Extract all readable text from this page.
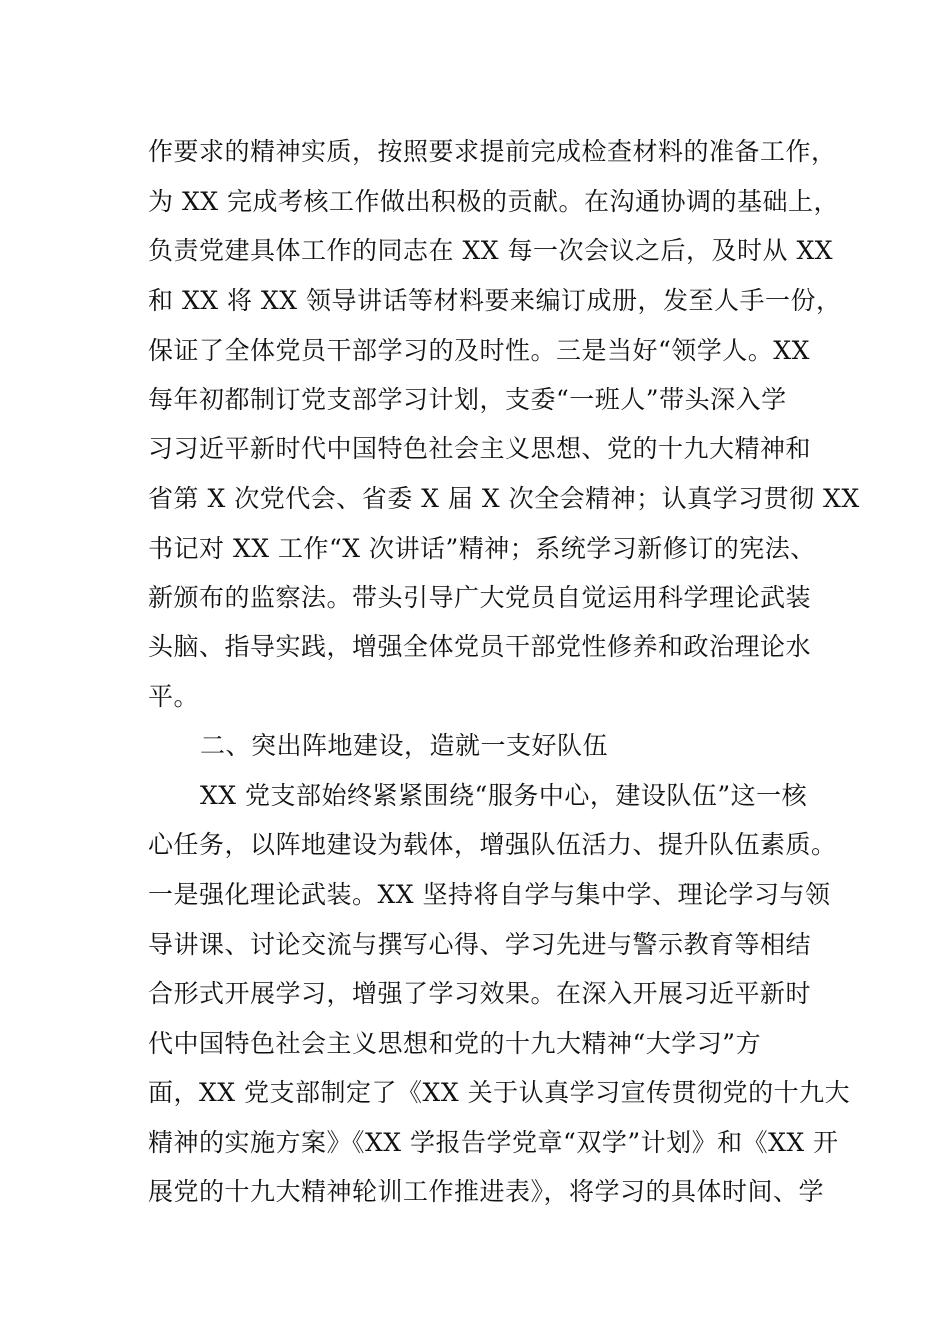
作要求的精神实质，按照要求提前完成检查材料的准备工作，
为 XX 完成考核工作做出积极的贡献。在沟通协调的基础上，
负责党建具体工作的同志在 XX 每一次会议之后，及时从 XX
和 XX 将 XX 领导讲话等材料要来编订成册，发至人手一份，
保证了全体党员干部学习的及时性。三是当好“领学人。XX
每年初都制订党支部学习计划，支委“一班人”带头深入学
习习近平新时代中国特色社会主义思想、党的十九大精神和
省第 X 次党代会、省委 X 届 X 次全会精神；认真学习贯彻 XX
书记对 XX 工作“X 次讲话”精神；系统学习新修订的宪法、
新颁布的监察法。带头引导广大党员自觉运用科学理论武装
头脑、指导实践，增强全体党员干部党性修养和政治理论水
平。
二、突出阵地建设，造就一支好队伍
XX 党支部始终紧紧围绕“服务中心，建设队伍”这一核
心任务，以阵地建设为载体，增强队伍活力、提升队伍素质。
一是强化理论武装。XX 坚持将自学与集中学、理论学习与领
导讲课、讨论交流与撰写心得、学习先进与警示教育等相结
合形式开展学习，增强了学习效果。在深入开展习近平新时
代中国特色社会主义思想和党的十九大精神“大学习”方
面，XX 党支部制定了《XX 关于认真学习宣传贯彻党的十九大
精神的实施方案》《XX 学报告学党章“双学”计划》和《XX 开
展党的十九大精神轮训工作推进表》，将学习的具体时间、学
